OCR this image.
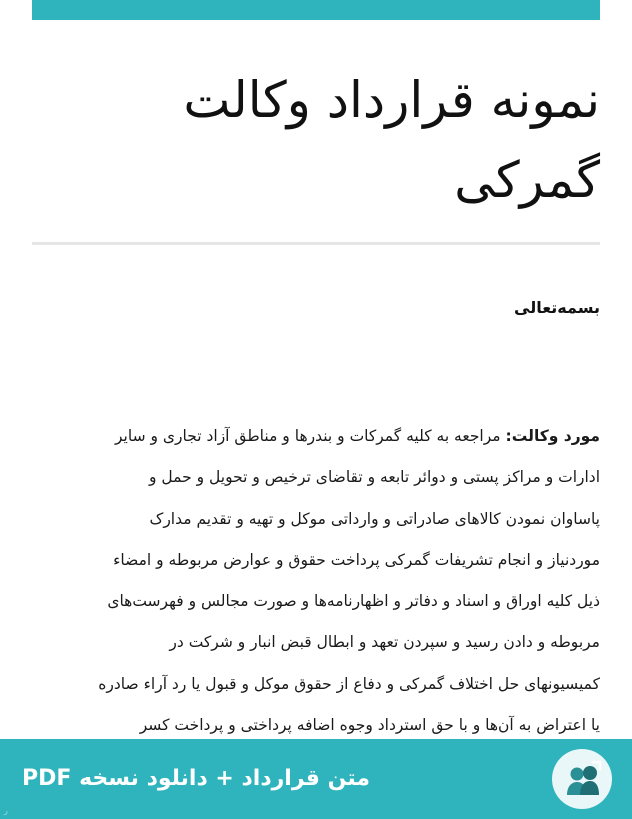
نمونه قرارداد وکالت
گمرکی
بسمه‌تعالی
مورد وکالت: مراجعه به کلیه گمرکات و بندرها و مناطق آزاد تجاری و سایر
ادارات و مراکز پستی و دوائر تابعه و تقاضای ترخیص و تحویل و حمل و
پاساوان نمودن کالاهای صادراتی و وارداتی موکل و تهیه و تقدیم مدارک
موردنیاز و انجام تشریفات گمرکی پرداخت حقوق و عوارض مربوطه و امضاء
ذیل کلیه اوراق و اسناد و دفاتر و اظهارنامه‌ها و صورت مجالس و فهرست‌های
مربوطه و دادن رسید و سپردن تعهد و ابطال قبض انبار و شرکت در
کمیسیونهای حل اختلاف گمرکی و دفاع از حقوق موکل و قبول یا رد آراء صادره
یا اعتراض به آن‌ها و با حق استرداد وجوه اضافه پرداختی و پرداخت کسر
متن قرارداد + دانلود نسخه PDF
ر
